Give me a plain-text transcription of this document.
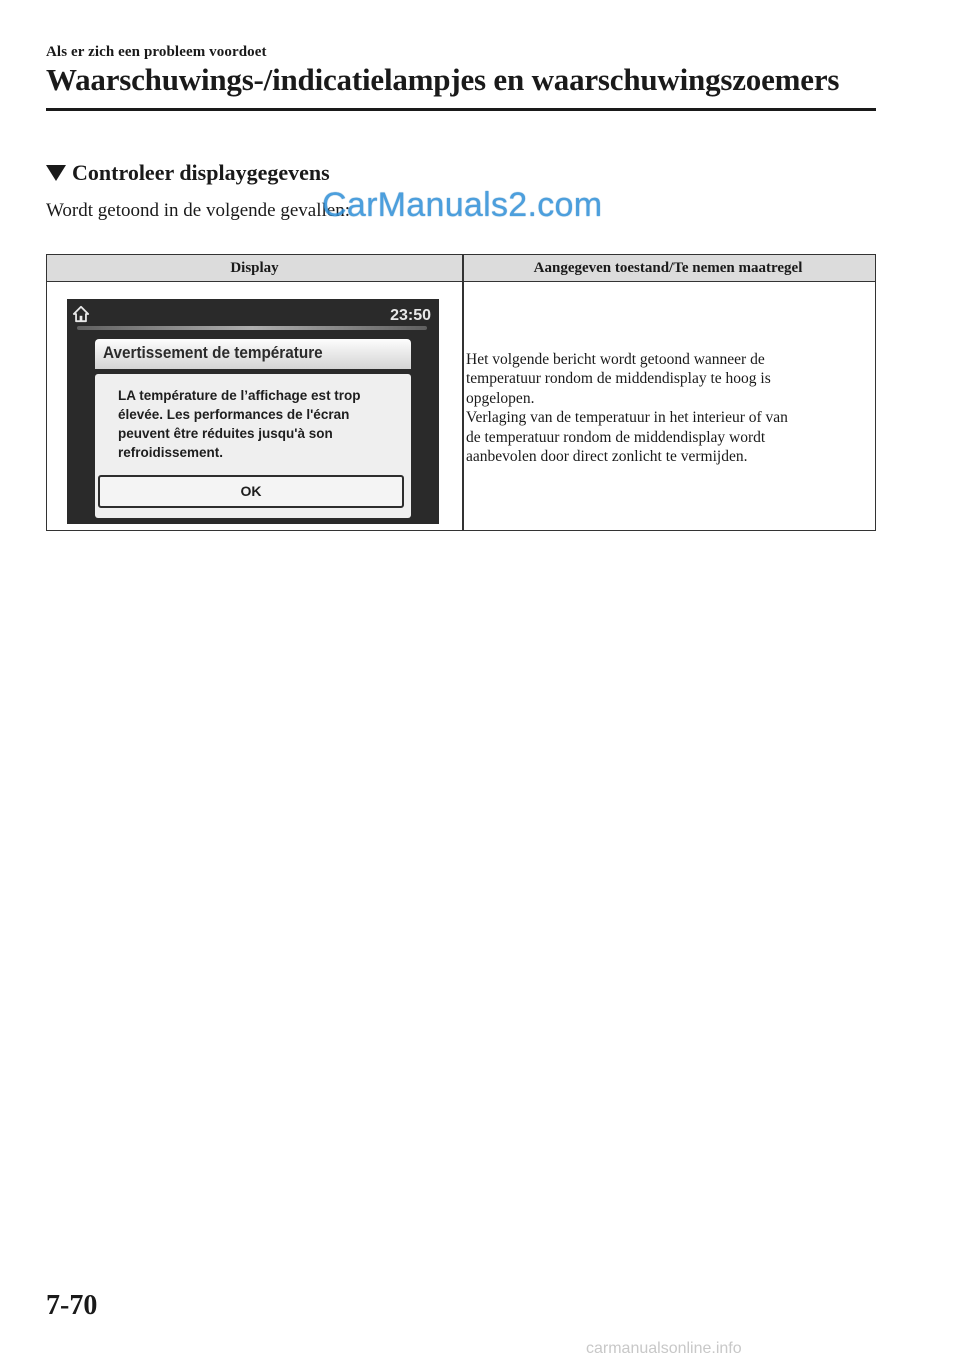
Als er zich een probleem voordoet
Waarschuwings-/indicatielampjes en waarschuwingszoemers
Controleer displaygegevens
Wordt getoond in de volgende gevallen:
Display	Aangegeven toestand/Te nemen maatregel
23:50
Avertissement de température
LA température de l’affichage est trop
élevée. Les performances de l'écran
peuvent être réduites jusqu'à son
refroidissement.
OK

Het volgende bericht wordt getoond wanneer de

temperatuur rondom de middendisplay te hoog is

opgelopen.

Verlaging van de temperatuur in het interieur of van

de temperatuur rondom de middendisplay wordt

aanbevolen door direct zonlicht te vermijden.

CarManuals2.com
7-70
carmanualsonline.info
